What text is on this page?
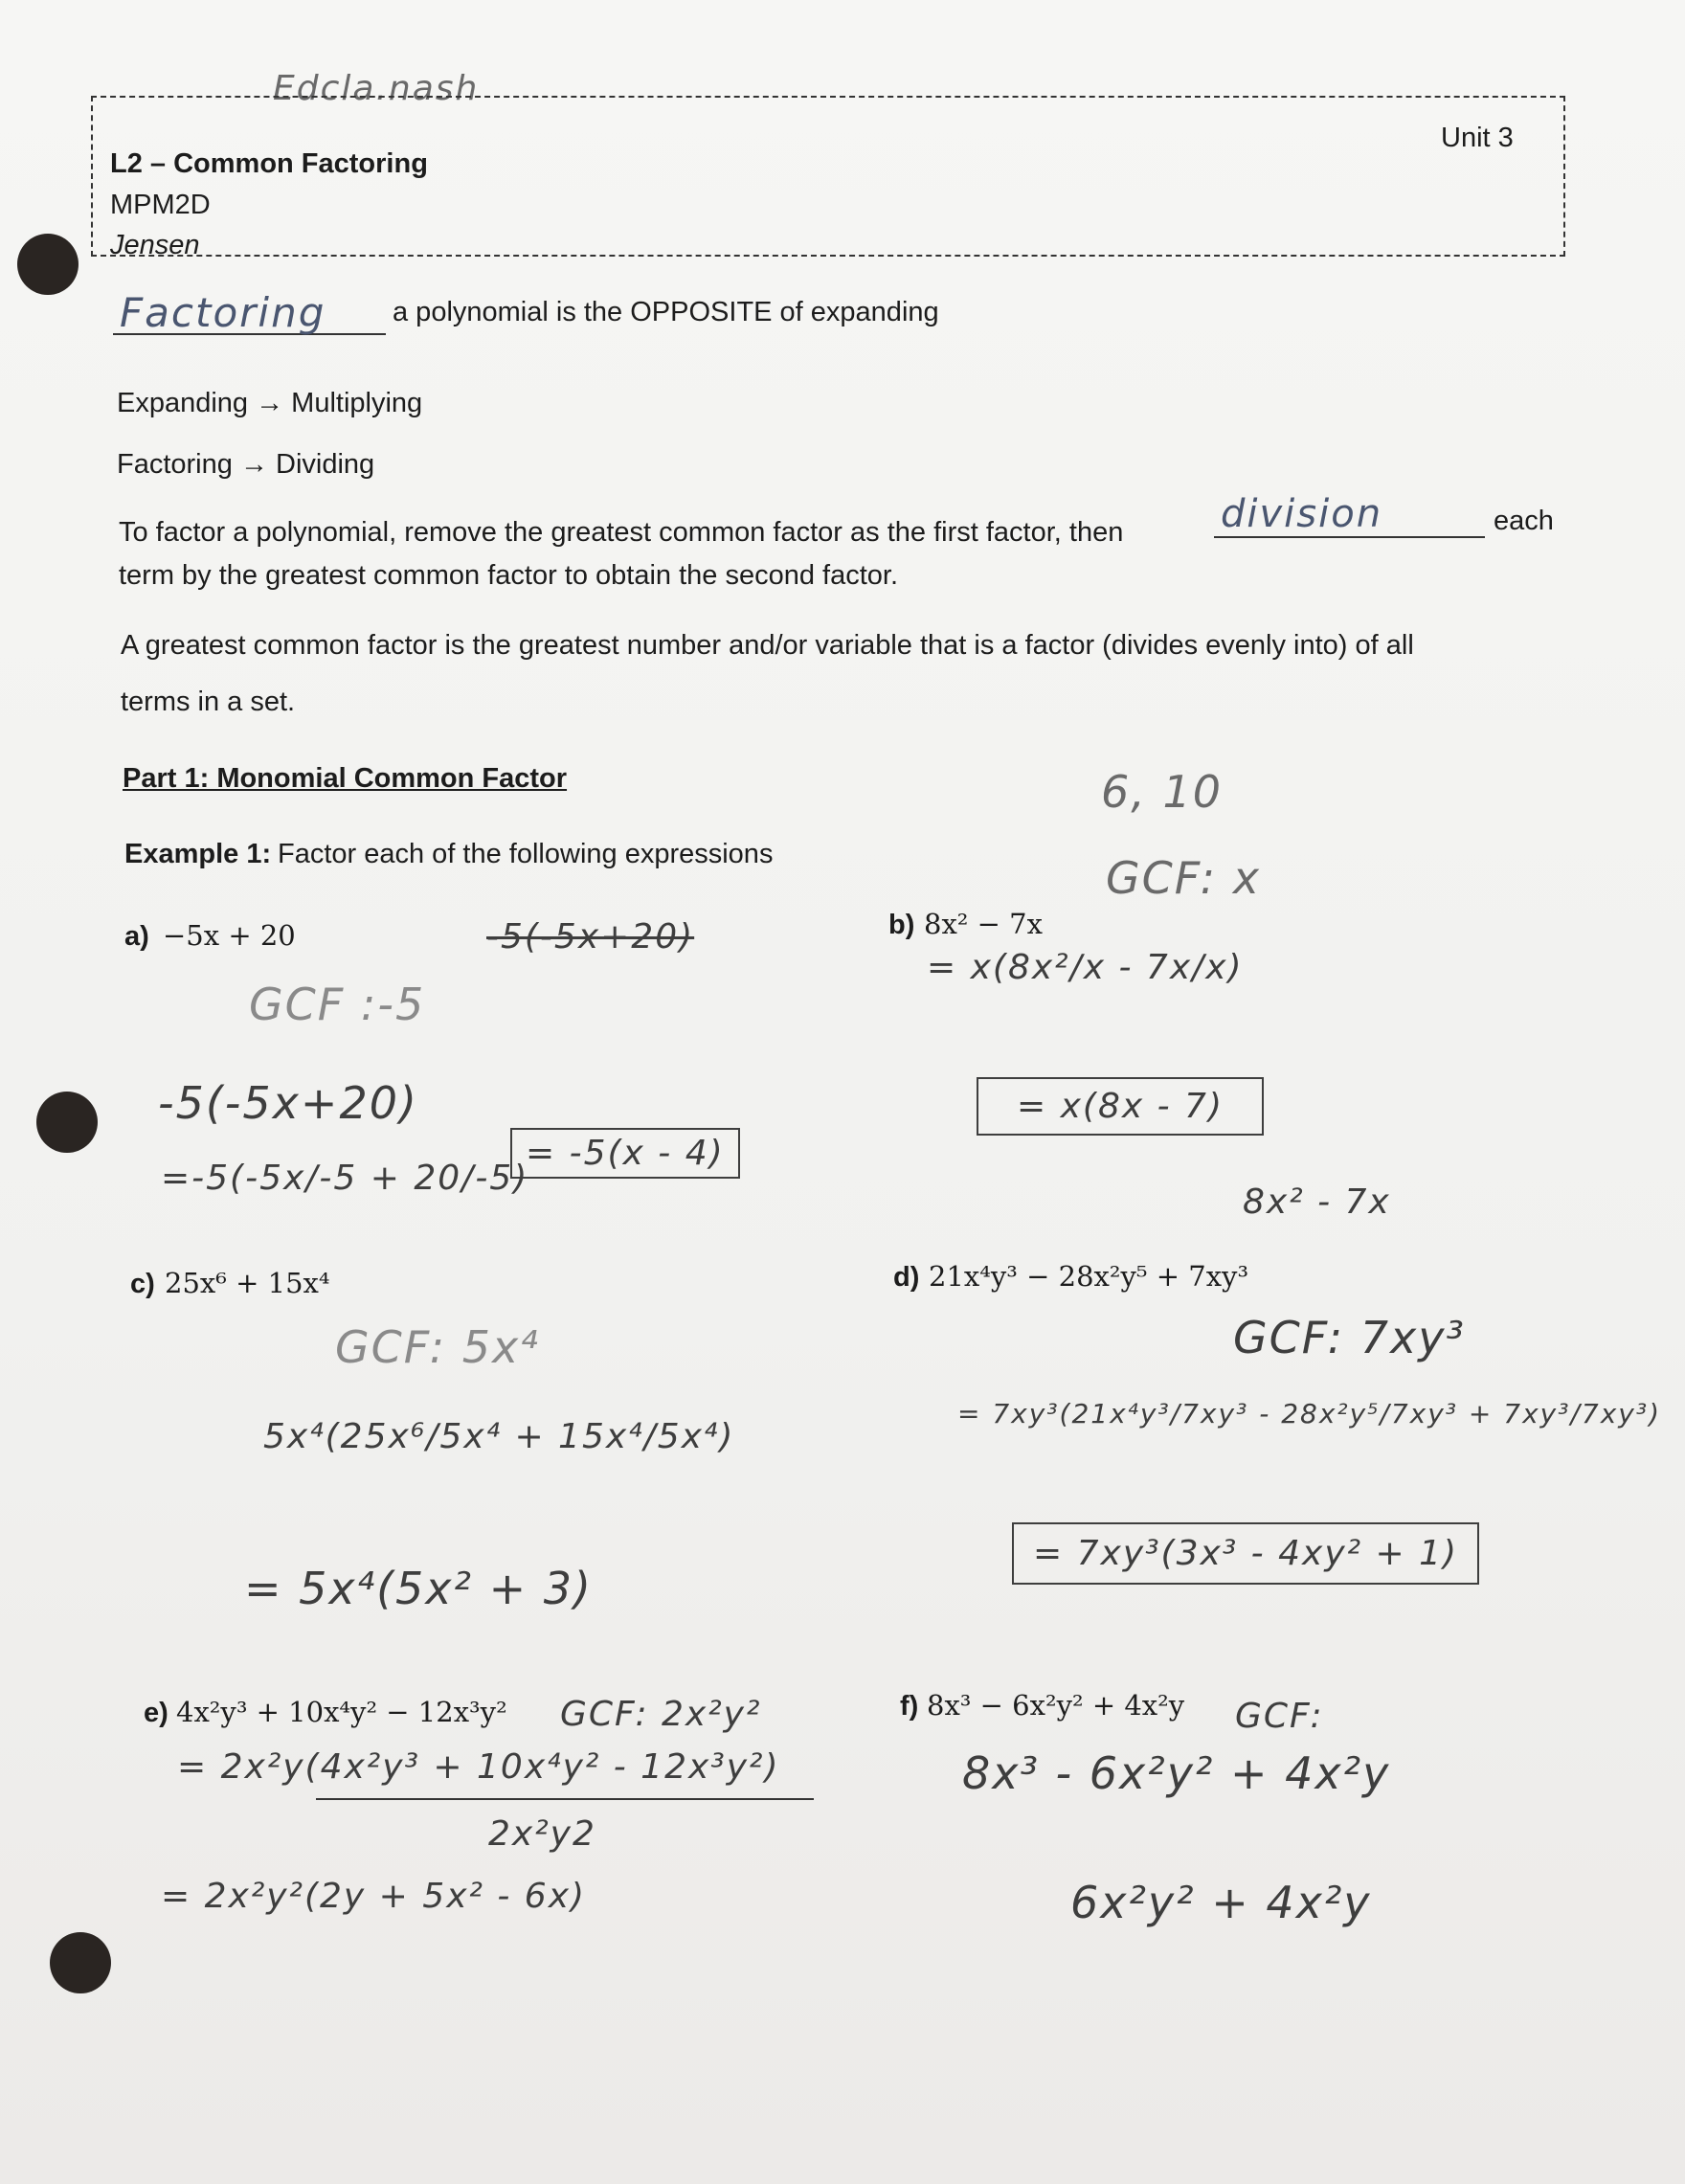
Edcla.nash
L2 – Common Factoring
MPM2D
Jensen
Unit 3
Factoring a polynomial is the OPPOSITE of expanding
Expanding → Multiplying
Factoring → Dividing
To factor a polynomial, remove the greatest common factor as the first factor, then	division	each
term by the greatest common factor to obtain the second factor.
A greatest common factor is the greatest number and/or variable that is a factor (divides evenly into) of all
terms in a set.
Part 1: Monomial Common Factor
Example 1: Factor each of the following expressions
a) −5x + 20	-5(-5x+20)
GCF :-5
-5(-5x+20)
=-5(-5x/-5 + 20/-5)
= -5(x - 4)
b) 8x² − 7x
6, 10
GCF: x
= x(8x²/x - 7x/x)
= x(8x - 7)
8x² - 7x
c) 25x⁶ + 15x⁴
GCF: 5x⁴
5x⁴(25x⁶/5x⁴ + 15x⁴/5x⁴)
= 5x⁴(5x² + 3)
d) 21x⁴y³ − 28x²y⁵ + 7xy³
GCF: 7xy³
= 7xy³(21x⁴y³/7xy³ - 28x²y⁵/7xy³ + 7xy³/7xy³)
= 7xy³(3x³ - 4xy² + 1)
e) 4x²y³ + 10x⁴y² − 12x³y² GCF: 2x²y²
= 2x²y(4x²y³ + 10x⁴y² - 12x³y²)
2x²y2
= 2x²y²(2y + 5x² - 6x)
f) 8x³ − 6x²y² + 4x²y GCF:
8x³ - 6x²y² + 4x²y
6x²y² + 4x²y
